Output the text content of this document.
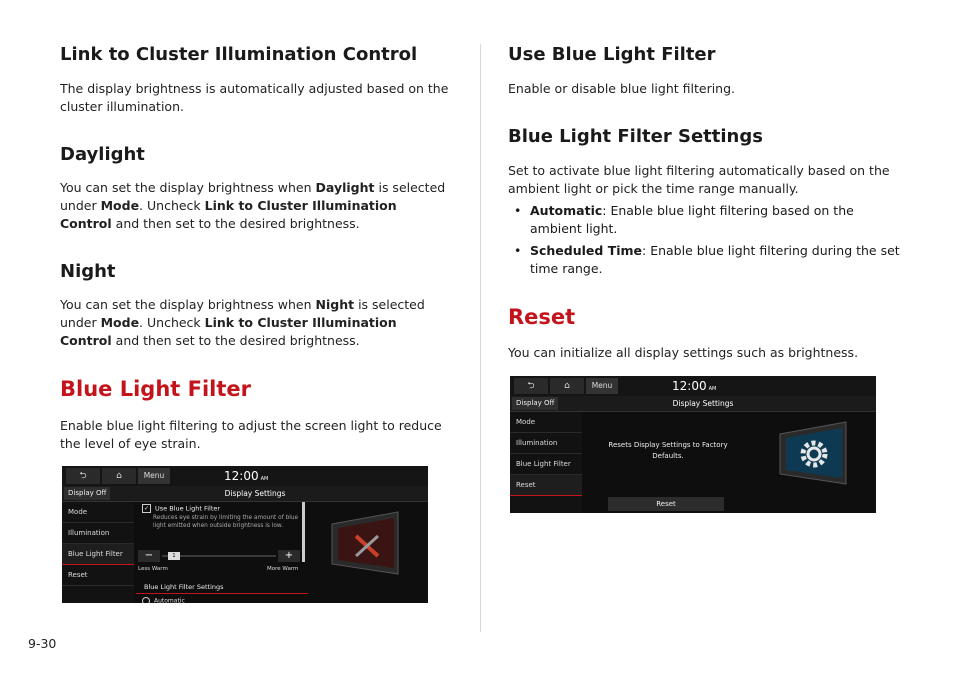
Link to Cluster Illumination Control

The display brightness is automatically adjusted based on the cluster illumination.

Daylight

You can set the display brightness when Daylight is selected under Mode. Uncheck Link to Cluster Illumination Control and then set to the desired brightness.

Night

You can set the display brightness when Night is selected under Mode. Uncheck Link to Cluster Illumination Control and then set to the desired brightness.

Blue Light Filter

Enable blue light filtering to adjust the screen light to reduce the level of eye strain.

⮌	⌂	Menu	12:00 AM
Display Settings
Display Off
Mode
Illumination
Blue Light Filter
Reset
✓ Use Blue Light Filter
Reduces eye strain by limiting the amount of blue light emitted when outside brightness is low.
−	1	+
Less Warm	More Warm
Blue Light Filter Settings
Automatic
Use Blue Light Filter

Enable or disable blue light filtering.

Blue Light Filter Settings

Set to activate blue light filtering automatically based on the ambient light or pick the time range manually.

• Automatic: Enable blue light filtering based on the ambient light.
• Scheduled Time: Enable blue light filtering during the set time range.
Reset

You can initialize all display settings such as brightness.

⮌	⌂	Menu	12:00 AM
Display Settings
Display Off
Mode
Illumination
Blue Light Filter
Reset
Resets Display Settings to Factory Defaults.
Reset
9-30
